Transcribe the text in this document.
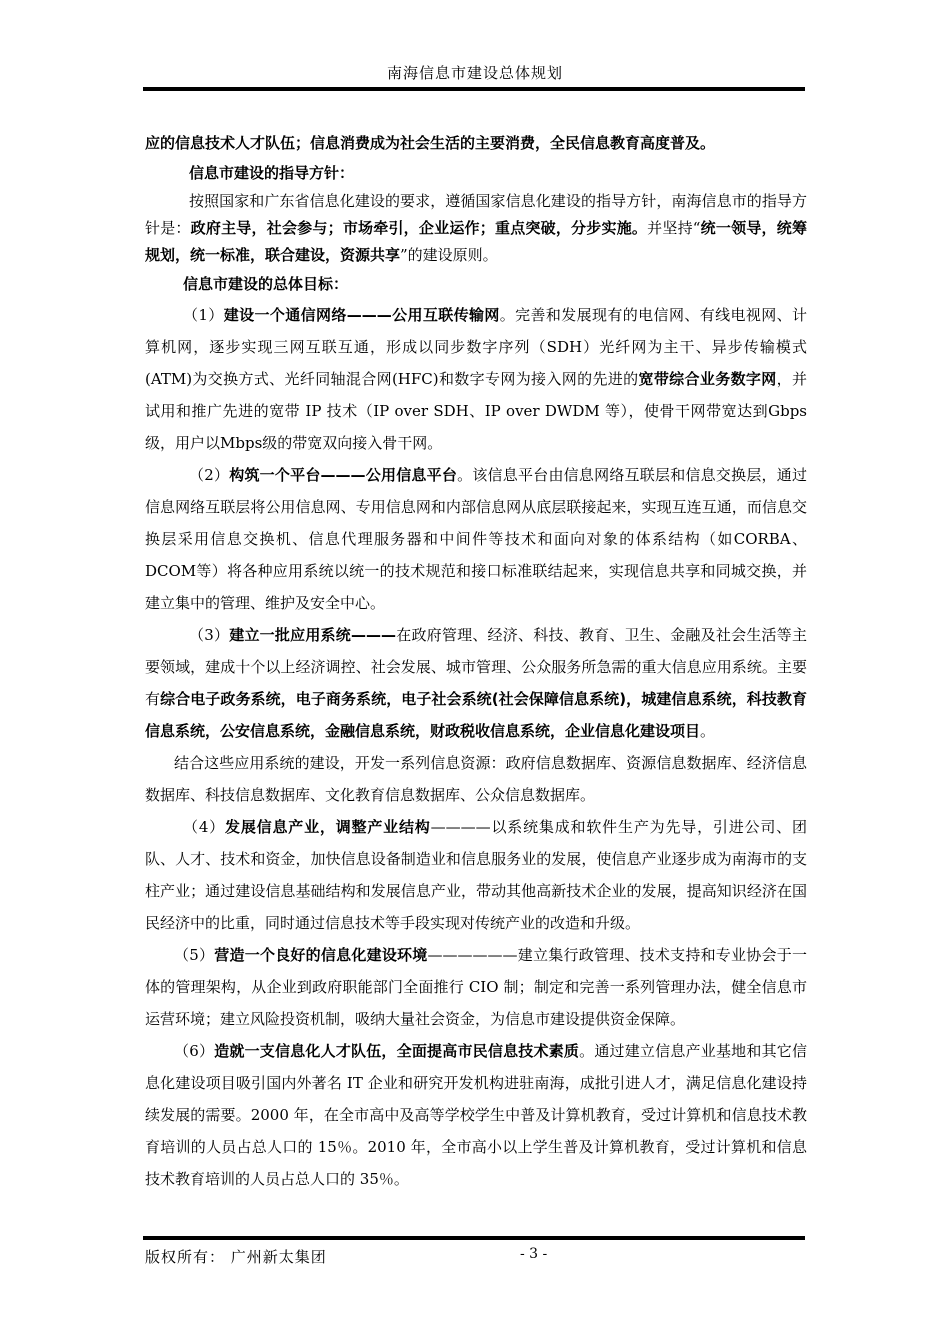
南海信息市建设总体规划

应的信息技术人才队伍；信息消费成为社会生活的主要消费，全民信息教育高度普及。

信息市建设的指导方针：

按照国家和广东省信息化建设的要求，遵循国家信息化建设的指导方针，南海信息市的指导方针是：政府主导，社会参与；市场牵引，企业运作；重点突破，分步实施。并坚持“统一领导，统筹规划，统一标准，联合建设，资源共享”的建设原则。

信息市建设的总体目标：

（1）建设一个通信网络———公用互联传输网。完善和发展现有的电信网、有线电视网、计算机网，逐步实现三网互联互通，形成以同步数字序列（SDH）光纤网为主干、异步传输模式(ATM)为交换方式、光纤同轴混合网(HFC)和数字专网为接入网的先进的宽带综合业务数字网，并试用和推广先进的宽带 IP 技术（IP over SDH、IP over DWDM 等），使骨干网带宽达到Gbps级，用户以Mbps级的带宽双向接入骨干网。

（2）构筑一个平台———公用信息平台。该信息平台由信息网络互联层和信息交换层，通过信息网络互联层将公用信息网、专用信息网和内部信息网从底层联接起来，实现互连互通，而信息交换层采用信息交换机、信息代理服务器和中间件等技术和面向对象的体系结构（如CORBA、DCOM等）将各种应用系统以统一的技术规范和接口标准联结起来，实现信息共享和同城交换，并建立集中的管理、维护及安全中心。

（3）建立一批应用系统———在政府管理、经济、科技、教育、卫生、金融及社会生活等主要领域，建成十个以上经济调控、社会发展、城市管理、公众服务所急需的重大信息应用系统。主要有综合电子政务系统，电子商务系统，电子社会系统(社会保障信息系统)，城建信息系统，科技教育信息系统，公安信息系统，金融信息系统，财政税收信息系统，企业信息化建设项目。

结合这些应用系统的建设，开发一系列信息资源：政府信息数据库、资源信息数据库、经济信息数据库、科技信息数据库、文化教育信息数据库、公众信息数据库。

（4）发展信息产业，调整产业结构————以系统集成和软件生产为先导，引进公司、团队、人才、技术和资金，加快信息设备制造业和信息服务业的发展，使信息产业逐步成为南海市的支柱产业；通过建设信息基础结构和发展信息产业，带动其他高新技术企业的发展，提高知识经济在国民经济中的比重，同时通过信息技术等手段实现对传统产业的改造和升级。

（5）营造一个良好的信息化建设环境——————建立集行政管理、技术支持和专业协会于一体的管理架构，从企业到政府职能部门全面推行 CIO 制；制定和完善一系列管理办法，健全信息市运营环境；建立风险投资机制，吸纳大量社会资金，为信息市建设提供资金保障。

（6）造就一支信息化人才队伍，全面提高市民信息技术素质。通过建立信息产业基地和其它信息化建设项目吸引国内外著名 IT 企业和研究开发机构进驻南海，成批引进人才，满足信息化建设持续发展的需要。2000 年，在全市高中及高等学校学生中普及计算机教育，受过计算机和信息技术教育培训的人员占总人口的 15％。2010 年，全市高小以上学生普及计算机教育，受过计算机和信息技术教育培训的人员占总人口的 35％。

版权所有： 广州新太集团	- 3 -
